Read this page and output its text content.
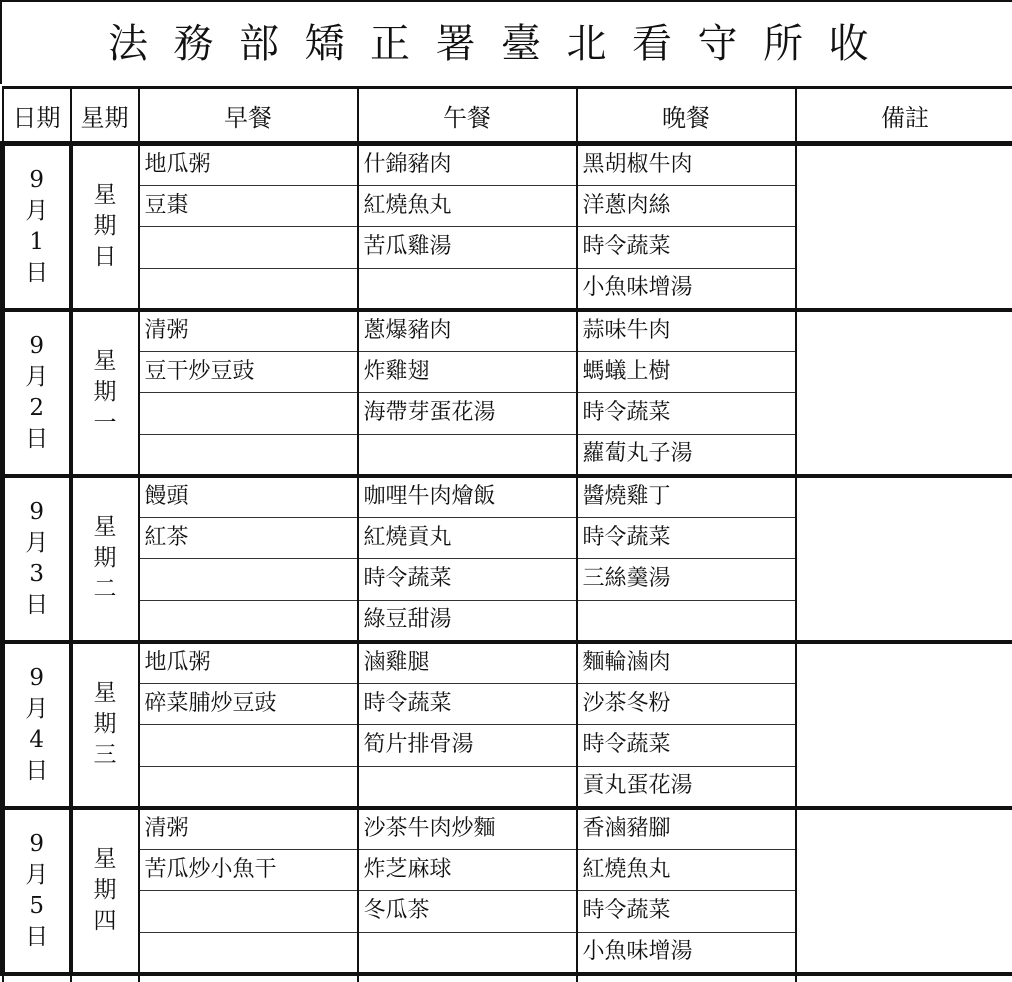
法務部矯正署臺北看守所收
日期	星期	早餐	午餐	晚餐	備註
9月1日	星期日	地瓜粥	什錦豬肉	黑胡椒牛肉	
		豆棗	紅燒魚丸	洋蔥肉絲	
			苦瓜雞湯	時令蔬菜	
				小魚味增湯	
9月2日	星期一	清粥	蔥爆豬肉	蒜味牛肉	
		豆干炒豆豉	炸雞翅	螞蟻上樹	
			海帶芽蛋花湯	時令蔬菜	
				蘿蔔丸子湯	
9月3日	星期二	饅頭	咖哩牛肉燴飯	醬燒雞丁	
		紅茶	紅燒貢丸	時令蔬菜	
			時令蔬菜	三絲羹湯	
			綠豆甜湯		
9月4日	星期三	地瓜粥	滷雞腿	麵輪滷肉	
		碎菜脯炒豆豉	時令蔬菜	沙茶冬粉	
			筍片排骨湯	時令蔬菜	
				貢丸蛋花湯	
9月5日	星期四	清粥	沙茶牛肉炒麵	香滷豬腳	
		苦瓜炒小魚干	炸芝麻球	紅燒魚丸	
			冬瓜茶	時令蔬菜	
				小魚味增湯	
